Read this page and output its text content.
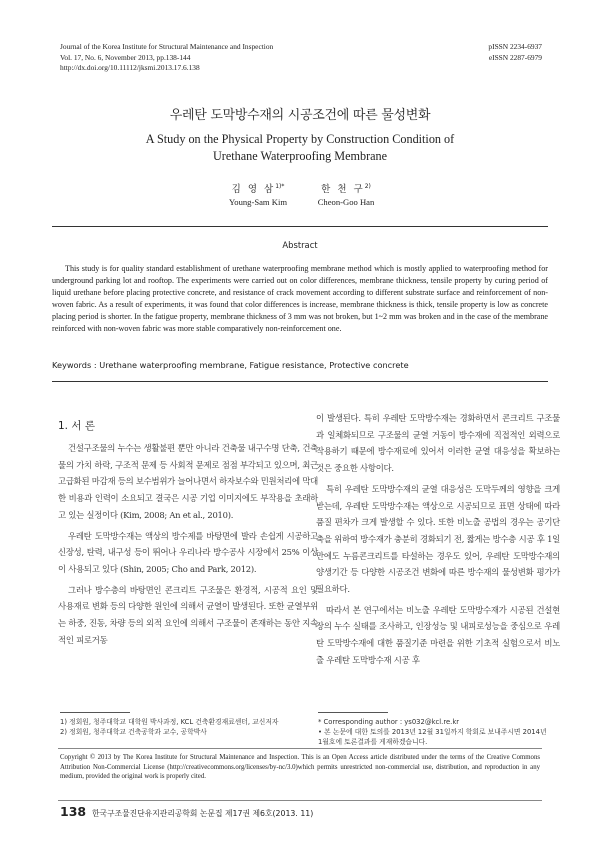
Journal of the Korea Institute for Structural Maintenance and Inspection
Vol. 17, No. 6, November 2013, pp.138-144
http://dx.doi.org/10.11112/jksmi.2013.17.6.138
pISSN 2234-6937
eISSN 2287-6979
우레탄 도막방수재의 시공조건에 따른 물성변화
A Study on the Physical Property by Construction Condition of
Urethane Waterproofing Membrane
김 영 삼$^{1)*}$
Young-Sam Kim
한 천 구$^{2)}$
Cheon-Goo Han
Abstract
This study is for quality standard establishment of urethane waterproofing membrane method which is mostly applied to waterproofing method for underground parking lot and rooftop. The experiments were carried out on color differences, membrane thickness, tensile property by curing period of liquid urethane before placing protective concrete, and resistance of crack movement according to different substrate surface and reinforcement of non-woven fabric. As a result of experiments, it was found that color differences is increase, membrane thickness is thick, tensile property is low as concrete placing period is shorter. In the fatigue property, membrane thickness of 3 mm was not broken, but 1~2 mm was broken and in the case of the membrane reinforced with non-woven fabric was more stable comparatively non-reinforcement one.
Keywords : Urethane waterproofing membrane, Fatigue resistance, Protective concrete
1. 서 론

건설구조물의 누수는 생활불편 뿐만 아니라 건축물 내구수명 단축, 건축물의 가치 하락, 구조적 문제 등 사회적 문제로 점점 부각되고 있으며, 최근 고급화된 마감재 등의 보수범위가 늘어나면서 하자보수와 민원처리에 막대한 비용과 인력이 소요되고 결국은 시공 기업 이미지에도 부작용을 초래하고 있는 실정이다 (Kim, 2008; An et al., 2010).

우레탄 도막방수재는 액상의 방수제를 바탕면에 발라 손쉽게 시공하고 신장성, 탄력, 내구성 등이 뛰어나 우리나라 방수공사 시장에서 25% 이상이 사용되고 있다 (Shin, 2005; Cho and Park, 2012).

그러나 방수층의 바탕면인 콘크리트 구조물은 환경적, 시공적 요인 및 사용재료 변화 등의 다양한 원인에 의해서 균열이 발생된다. 또한 균열부위는 하중, 진동, 차량 등의 외적 요인에 의해서 구조물이 존재하는 동안 지속적인 피로거동

이 발생된다. 특히 우레탄 도막방수재는 경화하면서 콘크리트 구조물과 일체화되므로 구조물의 균열 거동이 방수재에 직접적인 외력으로 작용하기 때문에 방수재료에 있어서 이러한 균열 대응성을 확보하는 것은 중요한 사항이다.

특히 우레탄 도막방수재의 균열 대응성은 도막두께의 영향을 크게 받는데, 우레탄 도막방수재는 액상으로 시공되므로 표면 상태에 따라 품질 편차가 크게 발생할 수 있다. 또한 비노출 공법의 경우는 공기단축을 위하여 방수재가 충분히 경화되기 전, 짧게는 방수층 시공 후 1일만에도 누름콘크리트를 타설하는 경우도 있어, 우레탄 도막방수재의 양생기간 등 다양한 시공조건 변화에 따른 방수재의 물성변화 평가가 필요하다.

따라서 본 연구에서는 비노출 우레탄 도막방수재가 시공된 건설현장의 누수 실태를 조사하고, 인장성능 및 내피로성능을 중심으로 우레탄 도막방수재에 대한 품질기준 마련을 위한 기초적 실험으로서 비노출 우레탄 도막방수재 시공 후

1) 정회원, 청주대학교 대학원 박사과정, KCL 건축환경재료센터, 교신저자
2) 정회원, 청주대학교 건축공학과 교수, 공학박사
* Corresponding author : ys032@kcl.re.kr
• 본 논문에 대한 토의를 2013년 12월 31일까지 학회로 보내주시면 2014년 1월호에 토론결과를 게재하겠습니다.
Copyright © 2013 by The Korea Institute for Structural Maintenance and Inspection. This is an Open Access article distributed under the terms of the Creative Commons Attribution Non-Commercial License (http://creativecommons.org/licenses/by-nc/3.0)which permits unrestricted non-commercial use, distribution, and reproduction in any medium, provided the original work is properly cited.
138 한국구조물진단유지관리공학회 논문집 제17권 제6호(2013. 11)
